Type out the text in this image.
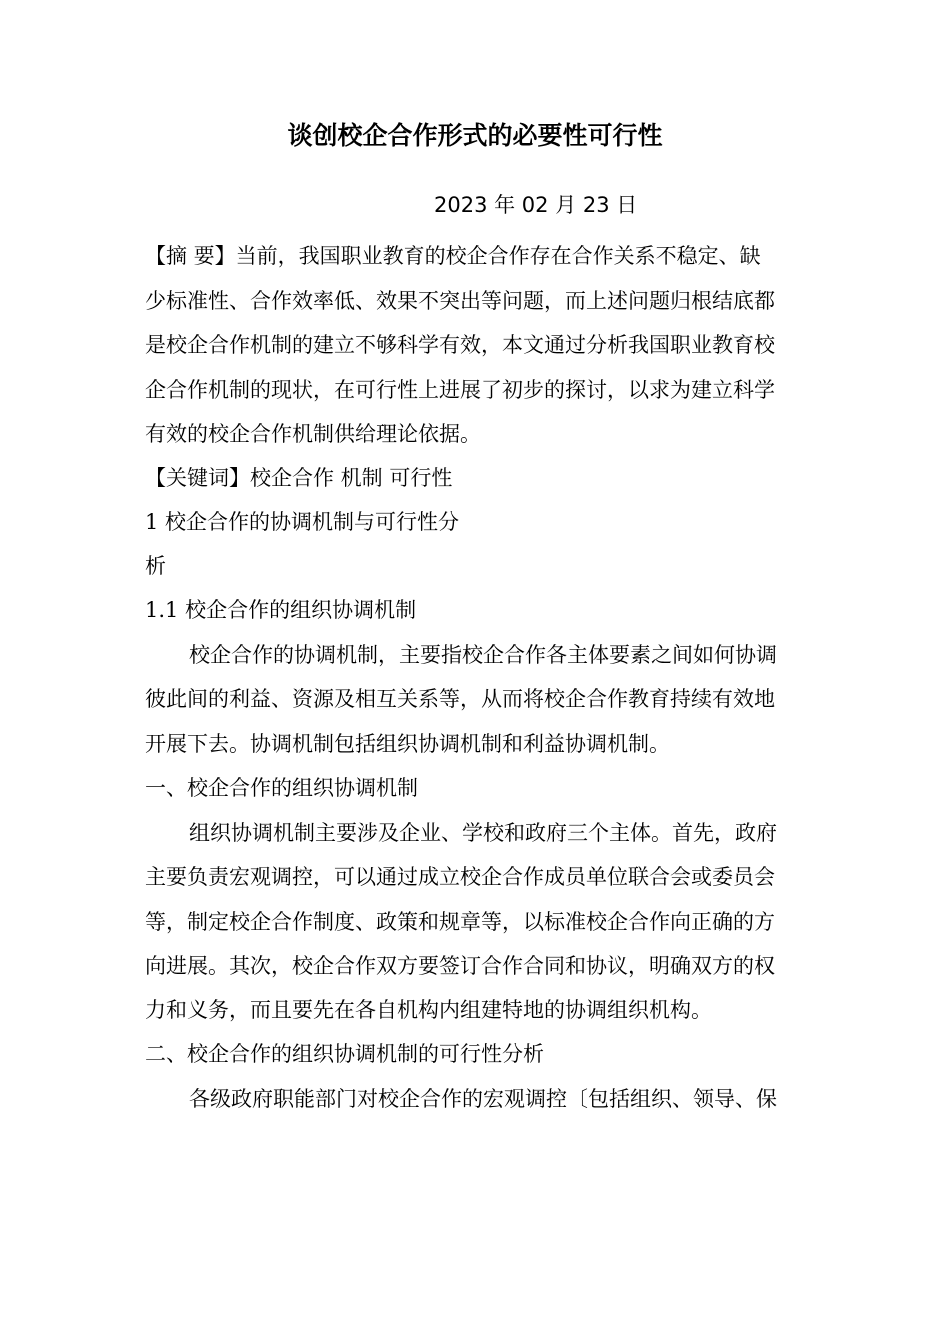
谈创校企合作形式的必要性可行性
2023 年 02 月 23 日

【摘 要】当前，我国职业教育的校企合作存在合作关系不稳定、缺

少标准性、合作效率低、效果不突出等问题，而上述问题归根结底都

是校企合作机制的建立不够科学有效，本文通过分析我国职业教育校

企合作机制的现状，在可行性上进展了初步的探讨，以求为建立科学

有效的校企合作机制供给理论依据。

【关键词】校企合作 机制 可行性

1 校企合作的协调机制与可行性分

析

1.1 校企合作的组织协调机制

校企合作的协调机制，主要指校企合作各主体要素之间如何协调

彼此间的利益、资源及相互关系等，从而将校企合作教育持续有效地

开展下去。协调机制包括组织协调机制和利益协调机制。

一、校企合作的组织协调机制

组织协调机制主要涉及企业、学校和政府三个主体。首先，政府

主要负责宏观调控，可以通过成立校企合作成员单位联合会或委员会

等，制定校企合作制度、政策和规章等，以标准校企合作向正确的方

向进展。其次，校企合作双方要签订合作合同和协议，明确双方的权

力和义务，而且要先在各自机构内组建特地的协调组织机构。

二、校企合作的组织协调机制的可行性分析

各级政府职能部门对校企合作的宏观调控〔包括组织、领导、保
